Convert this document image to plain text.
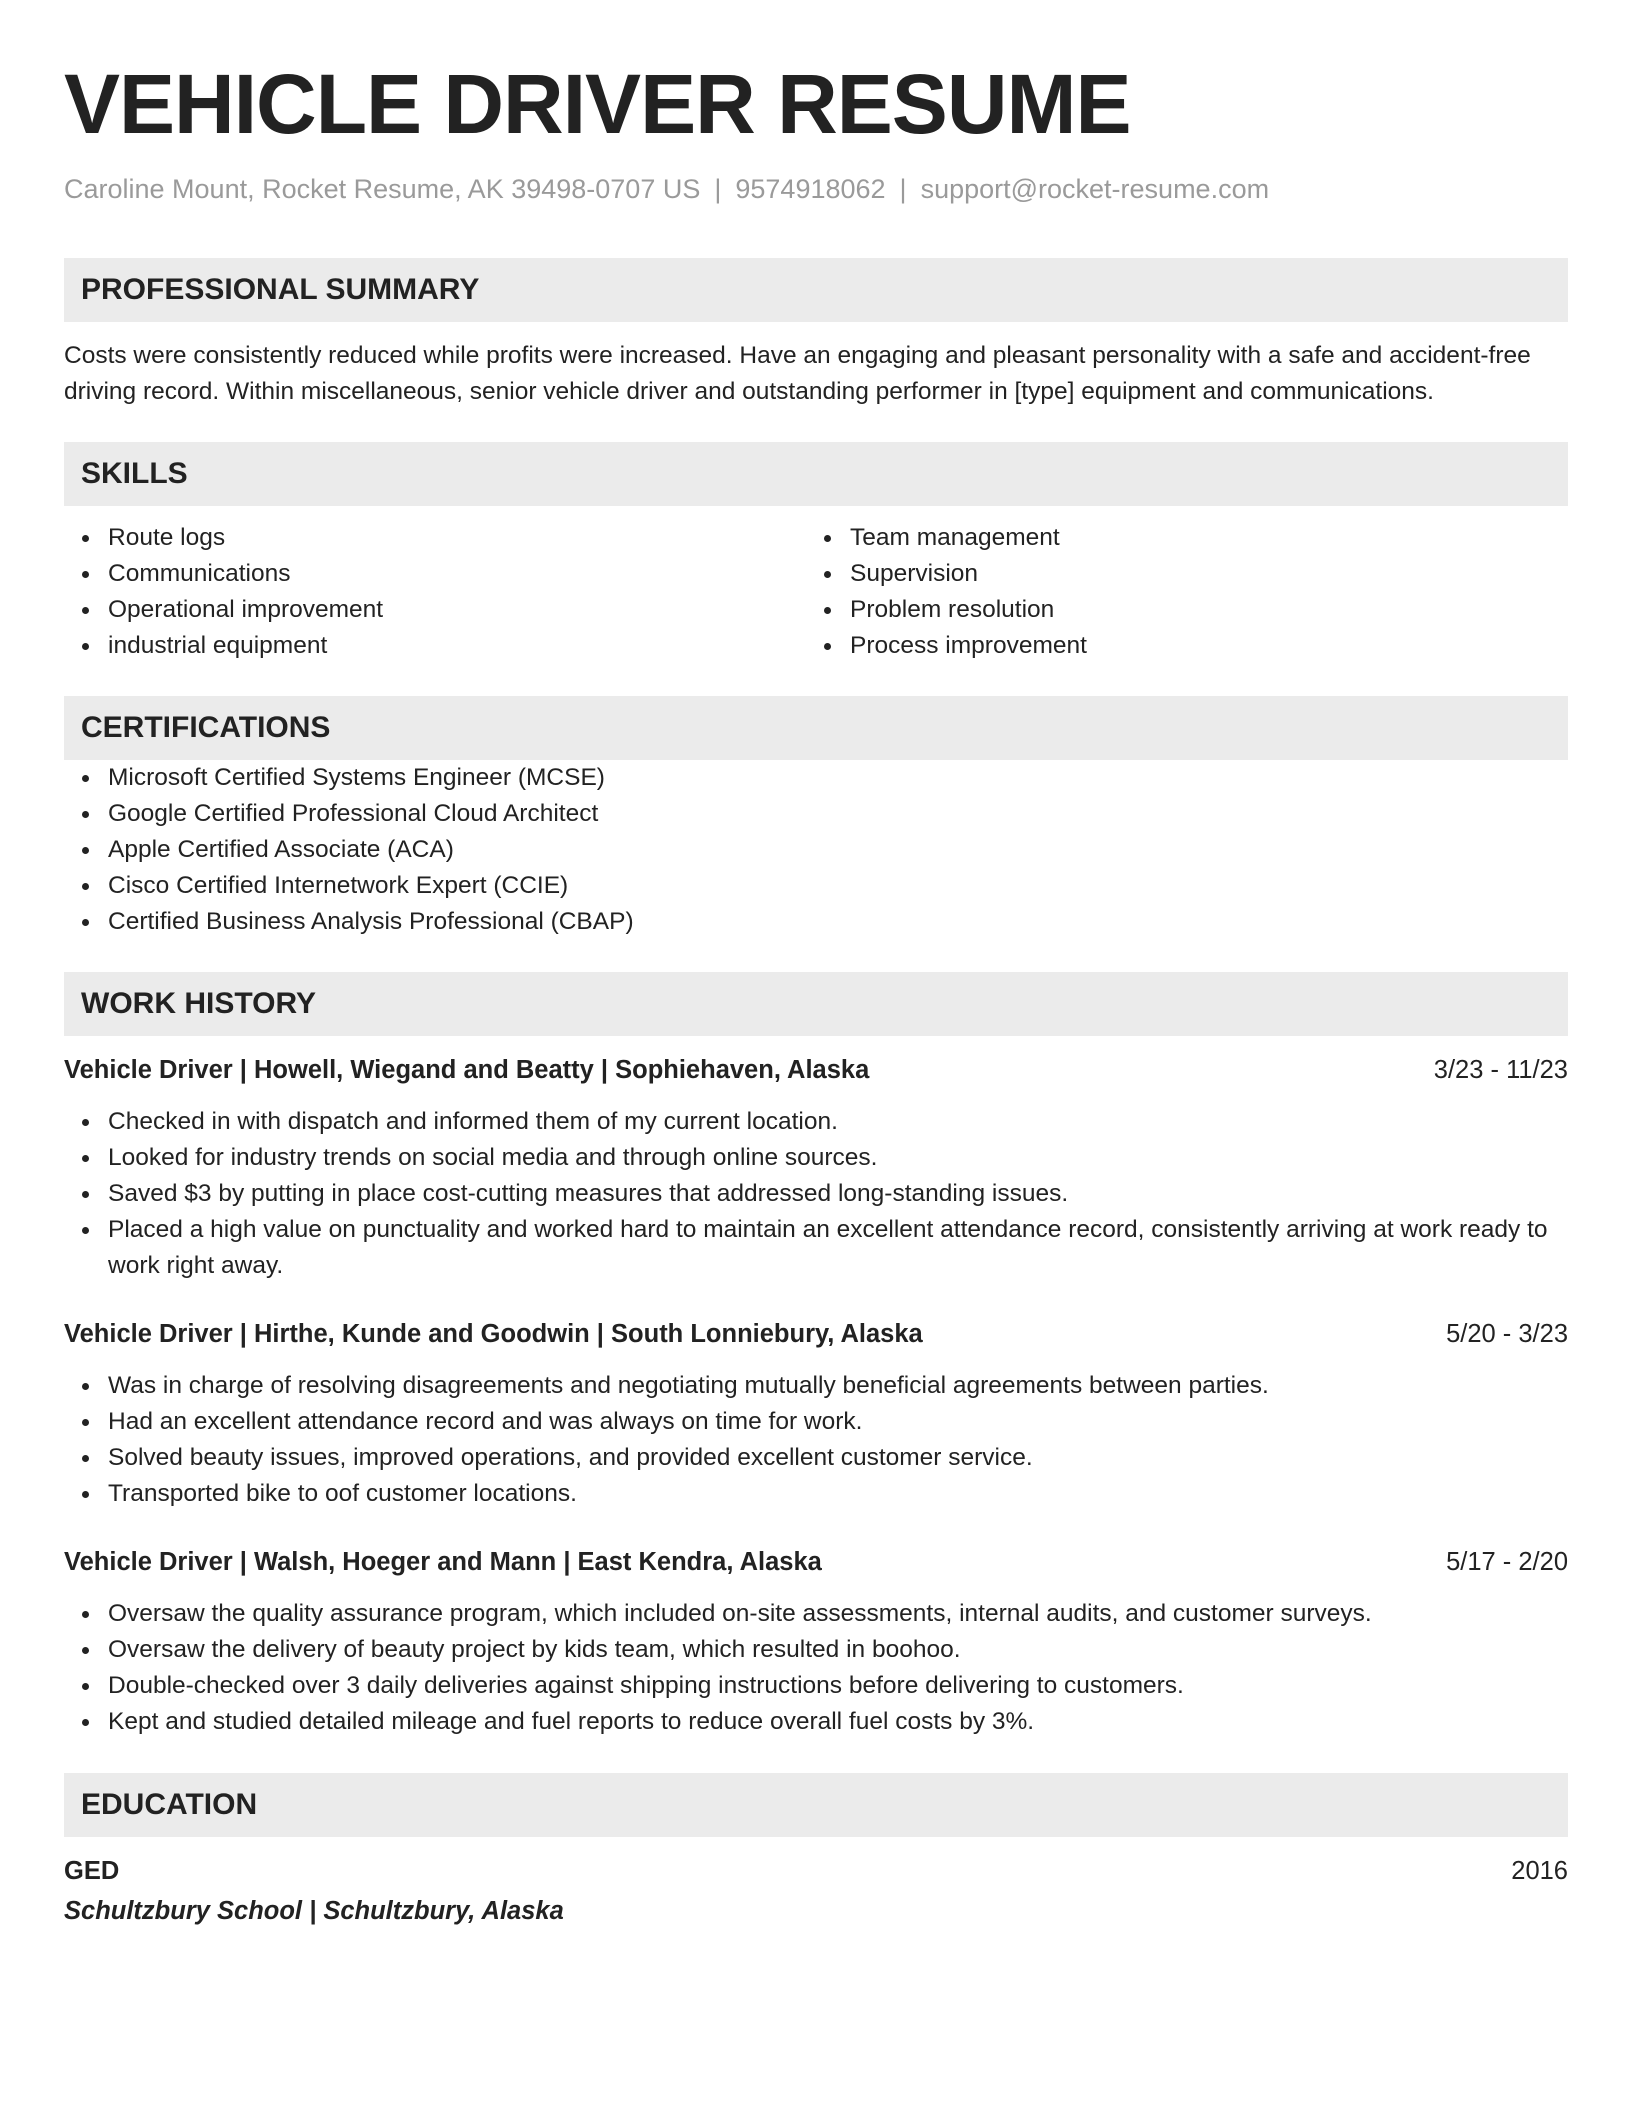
VEHICLE DRIVER RESUME
Caroline Mount, Rocket Resume, AK 39498-0707 US | 9574918062 | support@rocket-resume.com
PROFESSIONAL SUMMARY
Costs were consistently reduced while profits were increased. Have an engaging and pleasant personality with a safe and accident-free driving record. Within miscellaneous, senior vehicle driver and outstanding performer in [type] equipment and communications.
SKILLS
Route logs
Communications
Operational improvement
industrial equipment
Team management
Supervision
Problem resolution
Process improvement
CERTIFICATIONS
Microsoft Certified Systems Engineer (MCSE)
Google Certified Professional Cloud Architect
Apple Certified Associate (ACA)
Cisco Certified Internetwork Expert (CCIE)
Certified Business Analysis Professional (CBAP)
WORK HISTORY
Vehicle Driver | Howell, Wiegand and Beatty | Sophiehaven, Alaska	3/23 - 11/23
Checked in with dispatch and informed them of my current location.
Looked for industry trends on social media and through online sources.
Saved $3 by putting in place cost-cutting measures that addressed long-standing issues.
Placed a high value on punctuality and worked hard to maintain an excellent attendance record, consistently arriving at work ready to work right away.
Vehicle Driver | Hirthe, Kunde and Goodwin | South Lonniebury, Alaska	5/20 - 3/23
Was in charge of resolving disagreements and negotiating mutually beneficial agreements between parties.
Had an excellent attendance record and was always on time for work.
Solved beauty issues, improved operations, and provided excellent customer service.
Transported bike to oof customer locations.
Vehicle Driver | Walsh, Hoeger and Mann | East Kendra, Alaska	5/17 - 2/20
Oversaw the quality assurance program, which included on-site assessments, internal audits, and customer surveys.
Oversaw the delivery of beauty project by kids team, which resulted in boohoo.
Double-checked over 3 daily deliveries against shipping instructions before delivering to customers.
Kept and studied detailed mileage and fuel reports to reduce overall fuel costs by 3%.
EDUCATION
GED	2016
Schultzbury School | Schultzbury, Alaska
